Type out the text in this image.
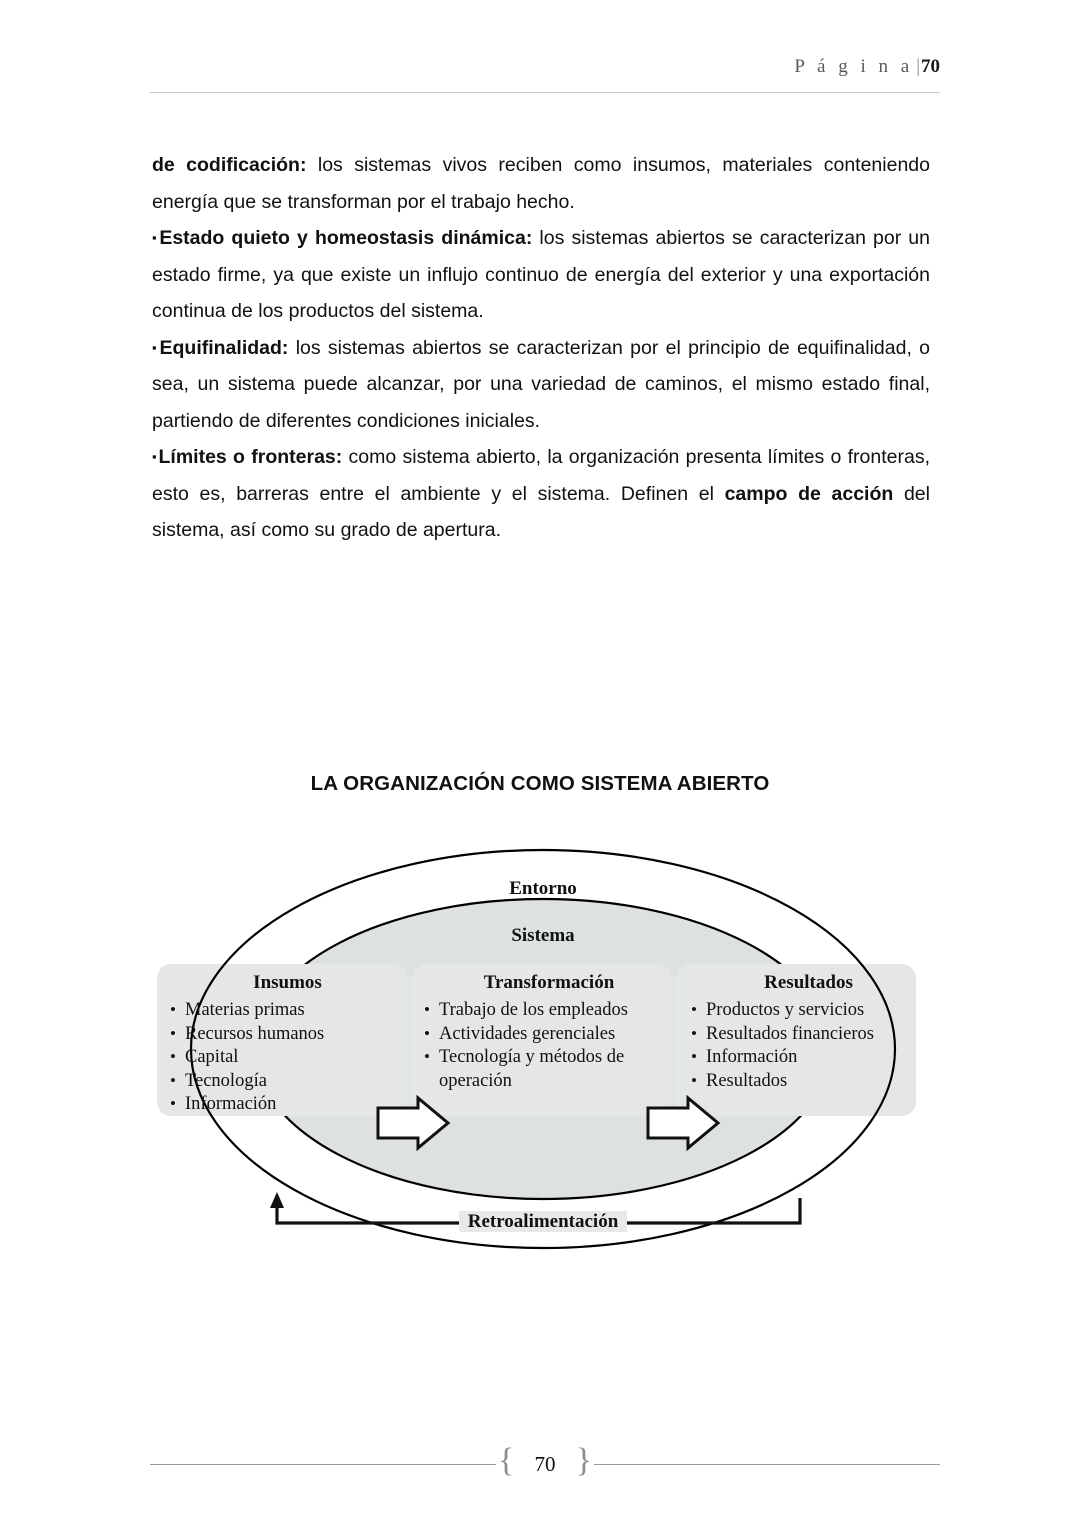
P á g i n a |70

de codificación: los sistemas vivos reciben como insumos, materiales conteniendo energía que se transforman por el trabajo hecho.

▪Estado quieto y homeostasis dinámica: los sistemas abiertos se caracterizan por un estado firme, ya que existe un influjo continuo de energía del exterior y una exportación continua de los productos del sistema.

▪Equifinalidad: los sistemas abiertos se caracterizan por el principio de equifinalidad, o sea, un sistema puede alcanzar, por una variedad de caminos, el mismo estado final, partiendo de diferentes condiciones iniciales.

▪Límites o fronteras: como sistema abierto, la organización presenta límites o fronteras, esto es, barreras entre el ambiente y el sistema. Definen el campo de acción del sistema, así como su grado de apertura.

LA ORGANIZACIÓN COMO SISTEMA ABIERTO
Entorno
Sistema
Insumos
• Materias primas
• Recursos humanos
• Capital
• Tecnología
• Información
Transformación
• Trabajo de los empleados
• Actividades gerenciales
• Tecnología y métodos de
operación
Resultados
• Productos y servicios
• Resultados financieros
• Información
• Resultados
Retroalimentación
{ 70 }
